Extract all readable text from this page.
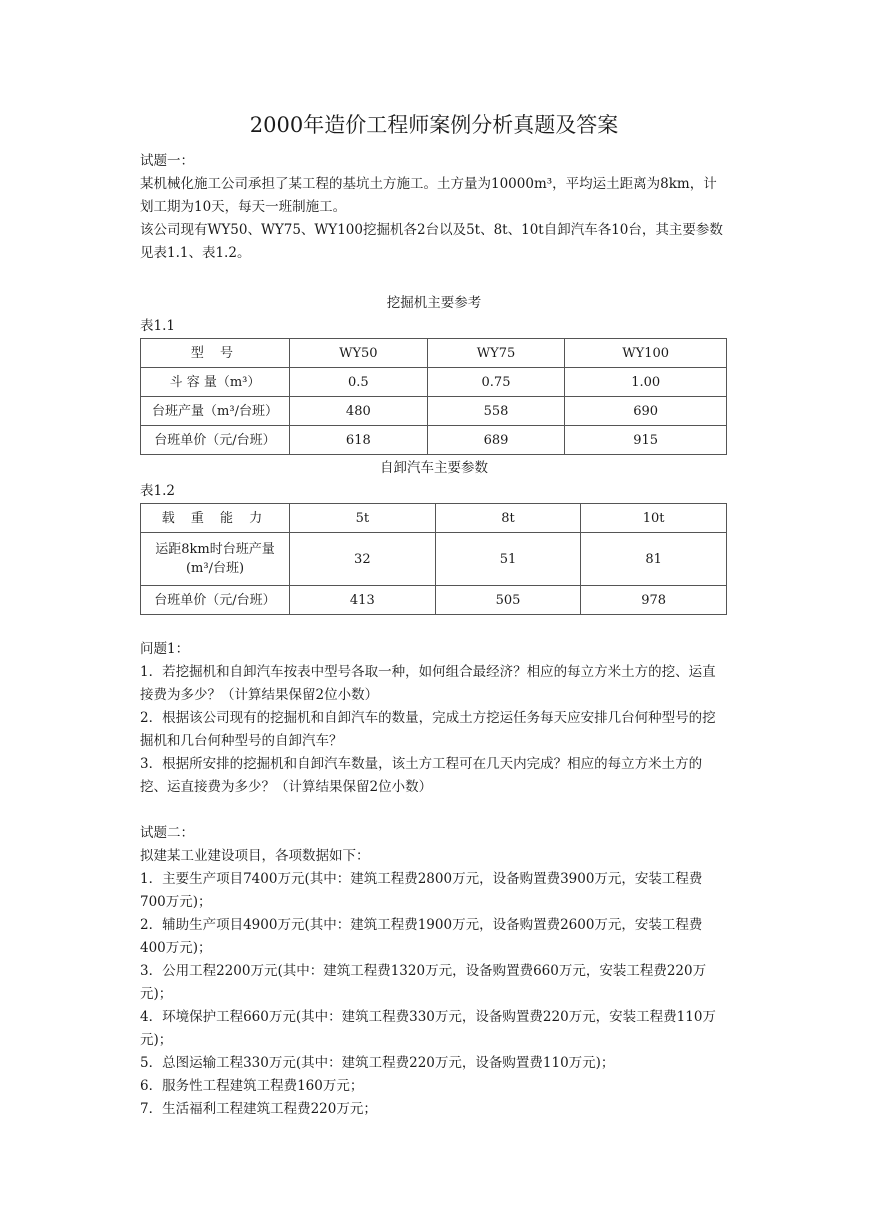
2000年造价工程师案例分析真题及答案

试题一：

某机械化施工公司承担了某工程的基坑土方施工。土方量为10000m³，平均运土距离为8km，计划工期为10天，每天一班制施工。

该公司现有WY50、WY75、WY100挖掘机各2台以及5t、8t、10t自卸汽车各10台，其主要参数见表1.1、表1.2。

挖掘机主要参考

表1.1

型 号	WY50	WY75	WY100
斗 容 量（m³）	0.5	0.75	1.00
台班产量（m³/台班）	480	558	690
台班单价（元/台班）	618	689	915

自卸汽车主要参数

表1.2

载 重 能 力	5t	8t	10t
运距8km时台班产量(m³/台班)	32	51	81
台班单价（元/台班）	413	505	978

问题1：

1．若挖掘机和自卸汽车按表中型号各取一种，如何组合最经济？相应的每立方米土方的挖、运直接费为多少？（计算结果保留2位小数）

2．根据该公司现有的挖掘机和自卸汽车的数量，完成土方挖运任务每天应安排几台何种型号的挖掘机和几台何种型号的自卸汽车？

3．根据所安排的挖掘机和自卸汽车数量，该土方工程可在几天内完成？相应的每立方米土方的挖、运直接费为多少？（计算结果保留2位小数）

试题二：

拟建某工业建设项目，各项数据如下：

1．主要生产项目7400万元(其中：建筑工程费2800万元，设备购置费3900万元，安装工程费700万元)；

2．辅助生产项目4900万元(其中：建筑工程费1900万元，设备购置费2600万元，安装工程费400万元)；

3．公用工程2200万元(其中：建筑工程费1320万元，设备购置费660万元，安装工程费220万元)；

4．环境保护工程660万元(其中：建筑工程费330万元，设备购置费220万元，安装工程费110万元)；

5．总图运输工程330万元(其中：建筑工程费220万元，设备购置费110万元)；

6．服务性工程建筑工程费160万元；

7．生活福利工程建筑工程费220万元；
